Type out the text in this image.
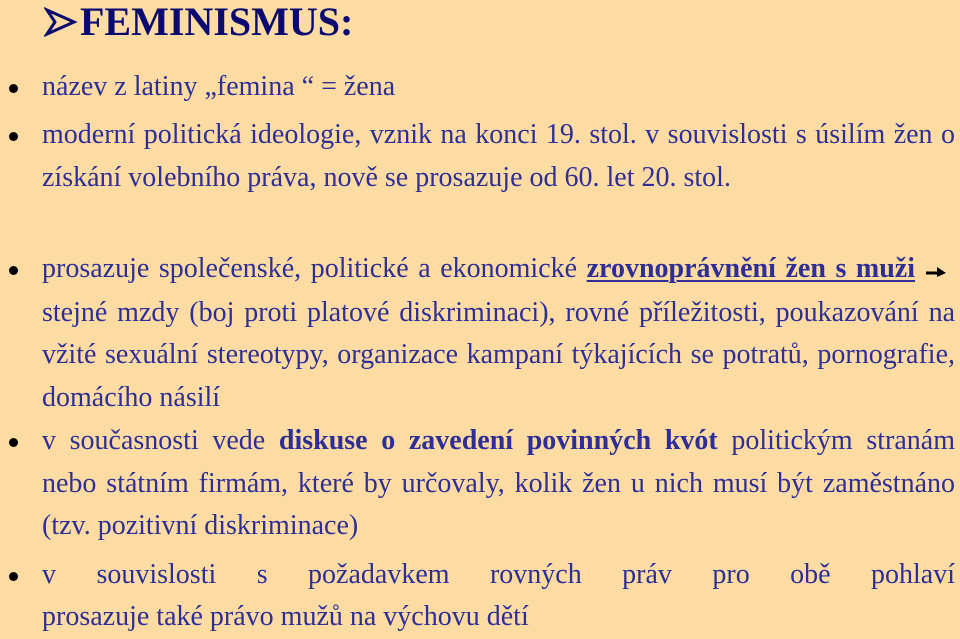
FEMINISMUS:
název z latiny „femina “ = žena
moderní politická ideologie, vznik na konci 19. stol. v souvislosti s úsilím žen o získání volebního práva, nově se prosazuje od 60. let 20. stol.
prosazuje společenské, politické a ekonomické zrovnoprávnění žen s mužistejné mzdy (boj proti platové diskriminaci), rovné příležitosti, poukazování na vžité sexuální stereotypy, organizace kampaní týkajících se potratů, pornografie, domácího násilí
v současnosti vede diskuse o zavedení povinných kvót politickým stranám nebo státním firmám, které by určovaly, kolik žen u nich musí být zaměstnáno (tzv. pozitivní diskriminace)
v souvislosti s požadavkem rovných práv pro obě pohlaví
prosazuje také právo mužů na výchovu dětí
